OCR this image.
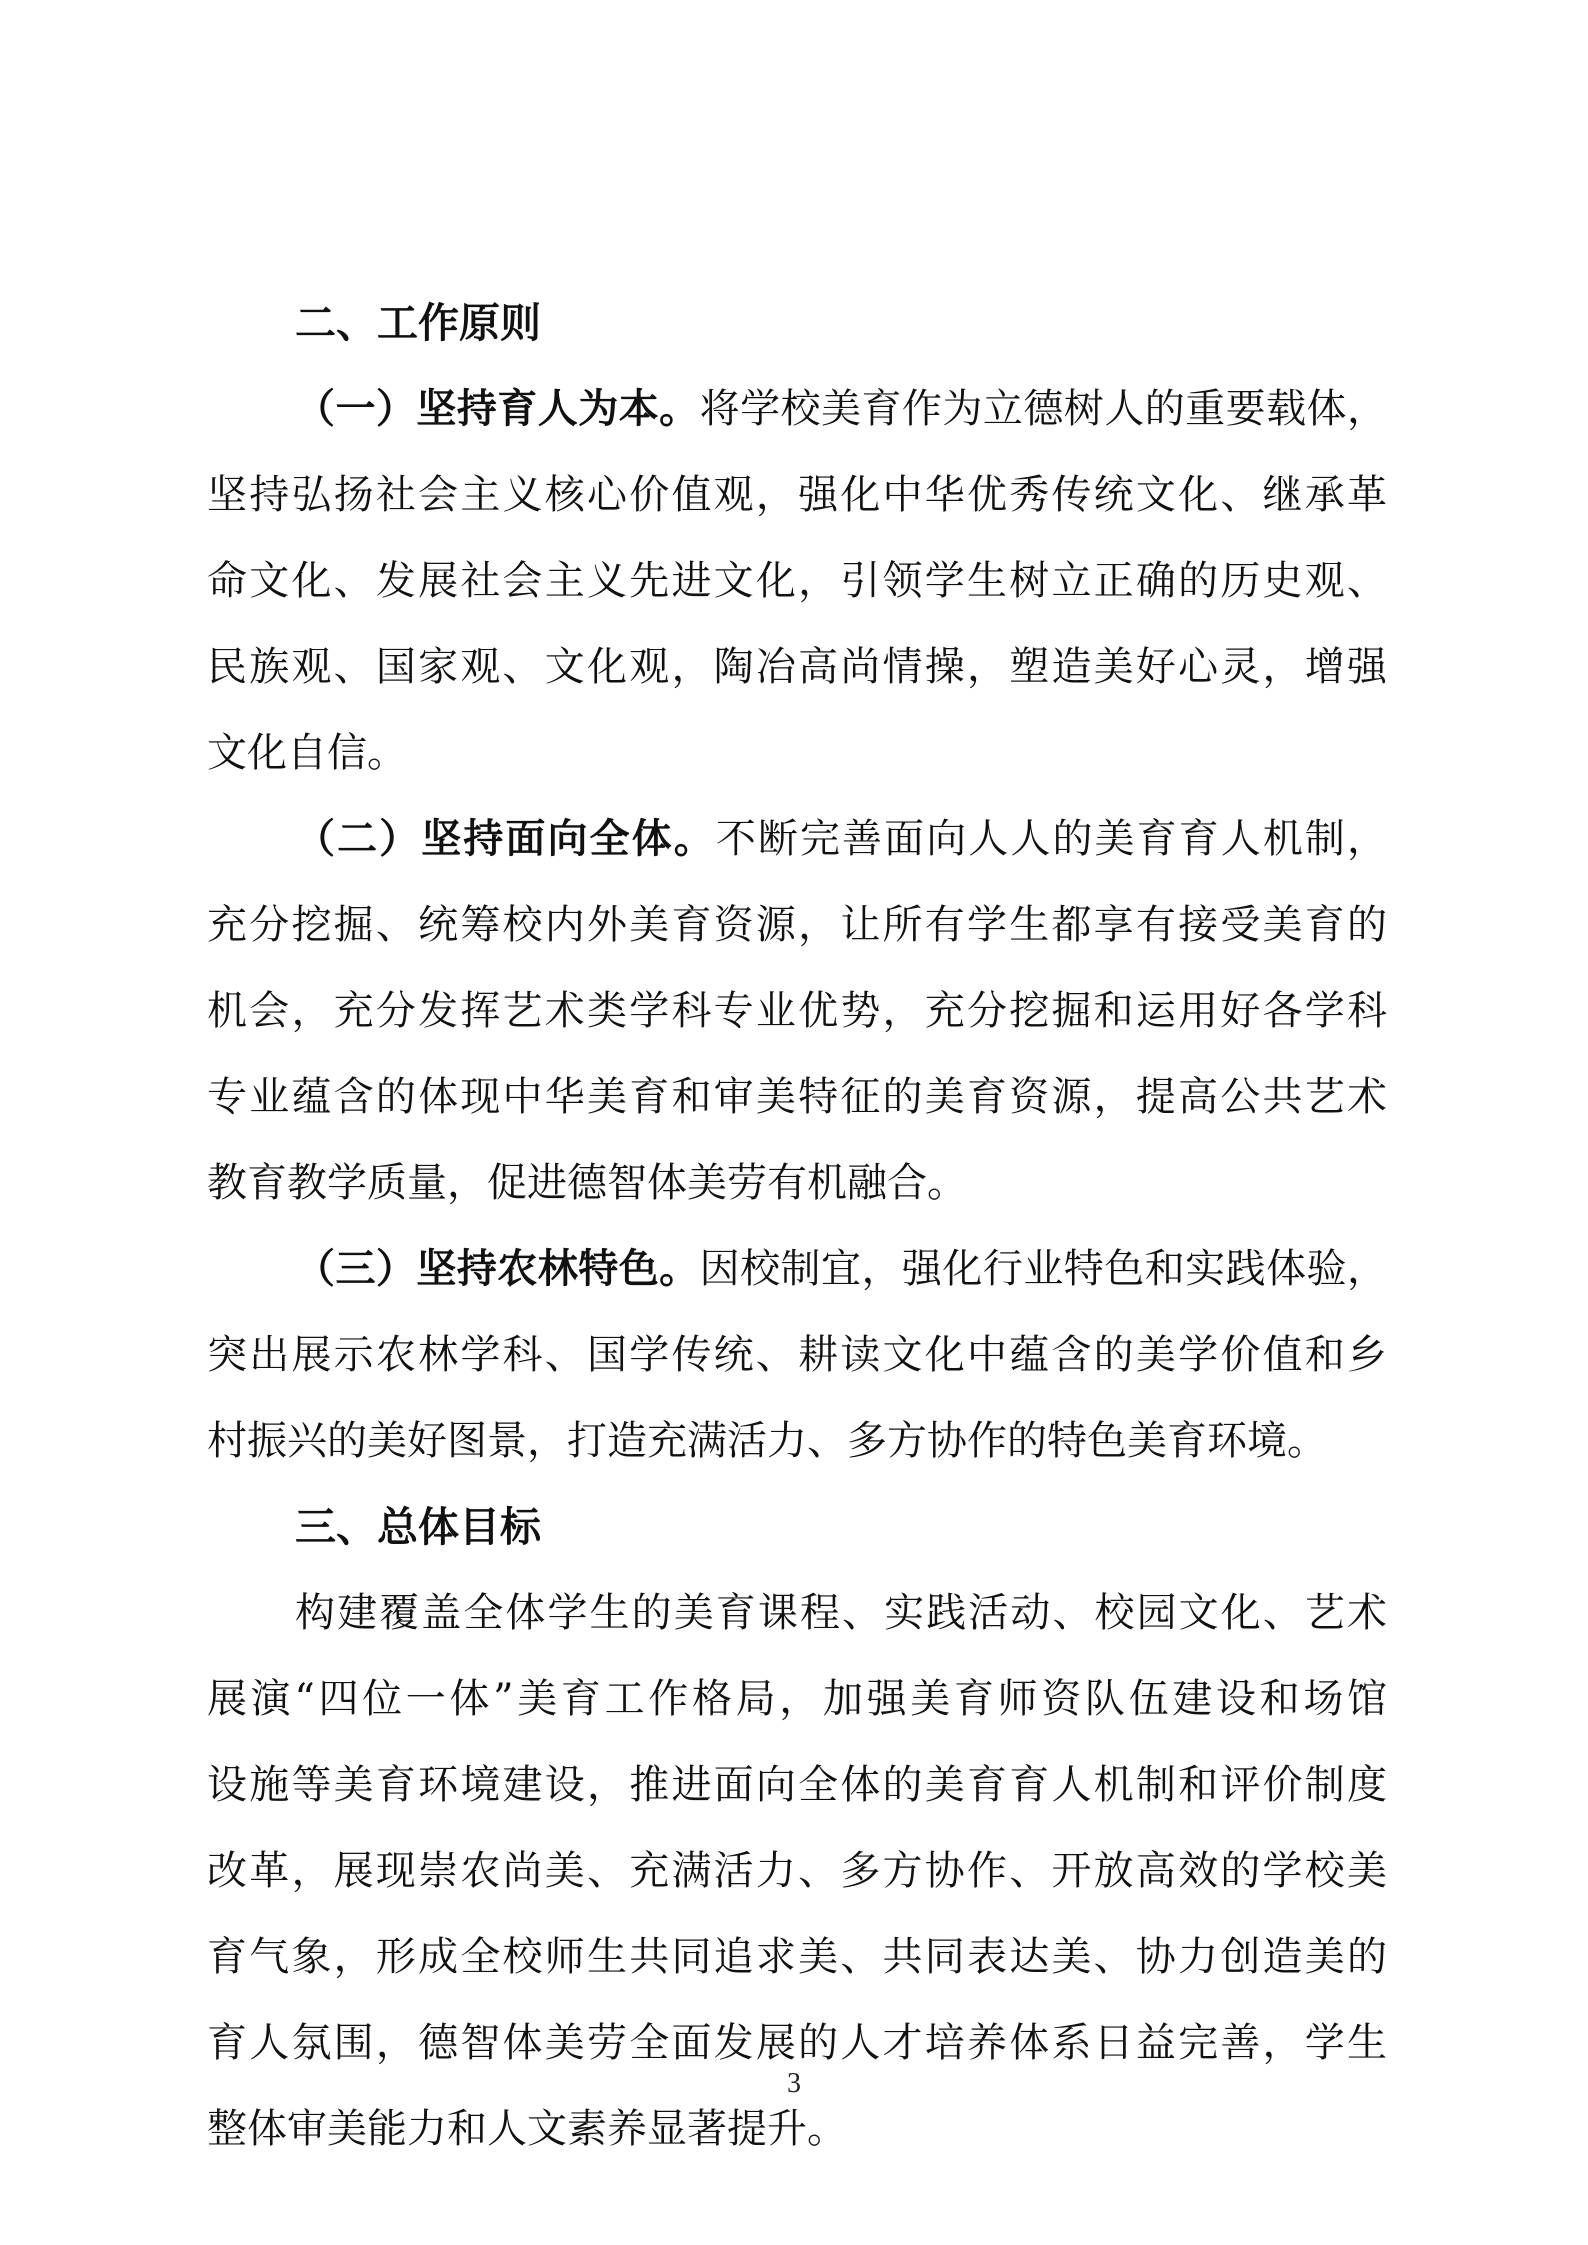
二、工作原则
（一）坚持育人为本。将学校美育作为立德树人的重要载体，
坚持弘扬社会主义核心价值观，强化中华优秀传统文化、继承革
命文化、发展社会主义先进文化，引领学生树立正确的历史观、
民族观、国家观、文化观，陶冶高尚情操，塑造美好心灵，增强
文化自信。
（二）坚持面向全体。不断完善面向人人的美育育人机制，
充分挖掘、统筹校内外美育资源，让所有学生都享有接受美育的
机会，充分发挥艺术类学科专业优势，充分挖掘和运用好各学科
专业蕴含的体现中华美育和审美特征的美育资源，提高公共艺术
教育教学质量，促进德智体美劳有机融合。
（三）坚持农林特色。因校制宜，强化行业特色和实践体验，
突出展示农林学科、国学传统、耕读文化中蕴含的美学价值和乡
村振兴的美好图景，打造充满活力、多方协作的特色美育环境。
三、总体目标
构建覆盖全体学生的美育课程、实践活动、校园文化、艺术
展演“四位一体”美育工作格局，加强美育师资队伍建设和场馆
设施等美育环境建设，推进面向全体的美育育人机制和评价制度
改革，展现崇农尚美、充满活力、多方协作、开放高效的学校美
育气象，形成全校师生共同追求美、共同表达美、协力创造美的
育人氛围，德智体美劳全面发展的人才培养体系日益完善，学生
整体审美能力和人文素养显著提升。
3
